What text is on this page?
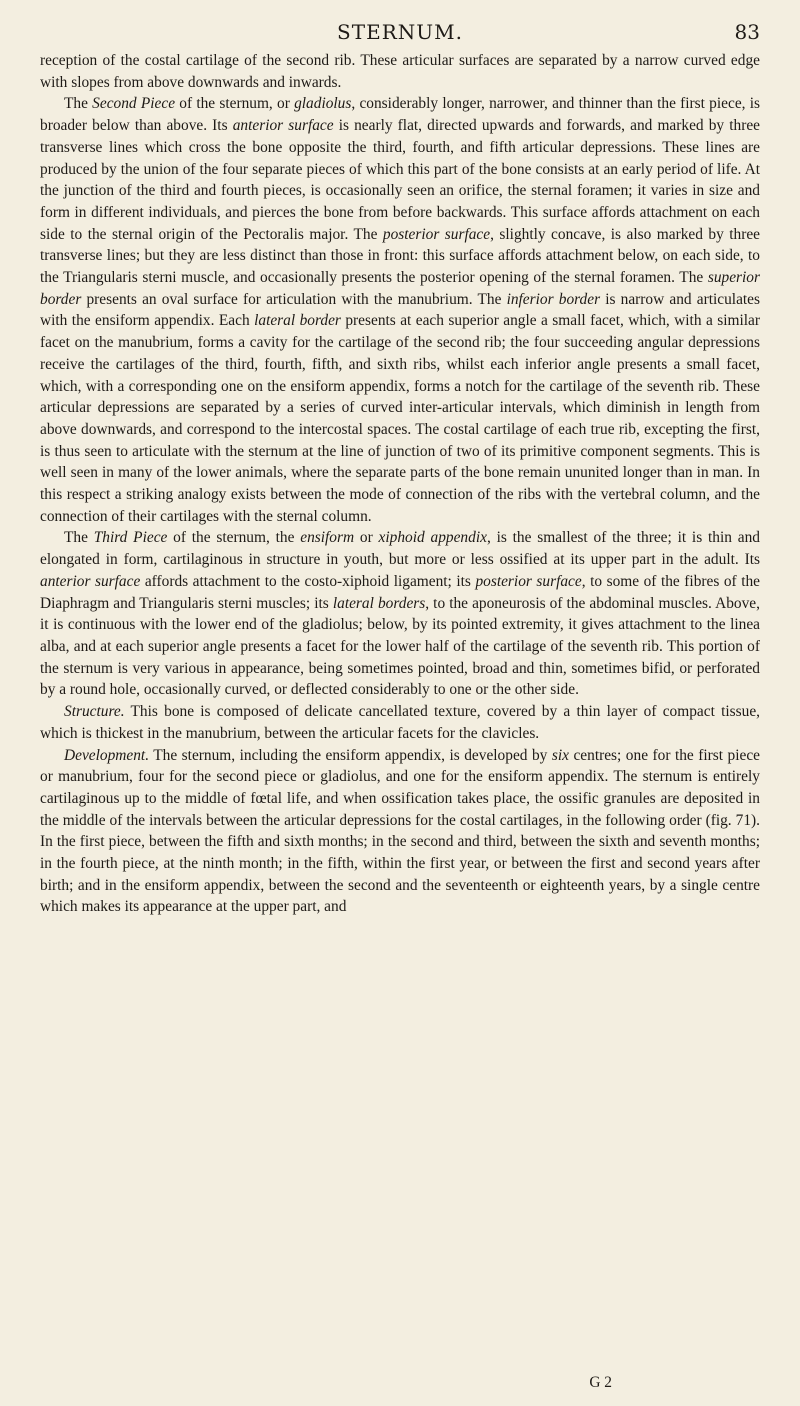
STERNUM.	83

reception of the costal cartilage of the second rib. These articular surfaces are separated by a narrow curved edge with slopes from above downwards and inwards.

The Second Piece of the sternum, or gladiolus, considerably longer, narrower, and thinner than the first piece, is broader below than above. Its anterior surface is nearly flat, directed upwards and forwards, and marked by three transverse lines which cross the bone opposite the third, fourth, and fifth articular depressions. These lines are produced by the union of the four separate pieces of which this part of the bone consists at an early period of life. At the junction of the third and fourth pieces, is occasionally seen an orifice, the sternal foramen; it varies in size and form in different individuals, and pierces the bone from before backwards. This surface affords attachment on each side to the sternal origin of the Pectoralis major. The posterior surface, slightly concave, is also marked by three transverse lines; but they are less distinct than those in front: this surface affords attachment below, on each side, to the Triangularis sterni muscle, and occasionally presents the posterior opening of the sternal foramen. The superior border presents an oval surface for articulation with the manubrium. The inferior border is narrow and articulates with the ensiform appendix. Each lateral border presents at each superior angle a small facet, which, with a similar facet on the manubrium, forms a cavity for the cartilage of the second rib; the four succeeding angular depressions receive the cartilages of the third, fourth, fifth, and sixth ribs, whilst each inferior angle presents a small facet, which, with a corresponding one on the ensiform appendix, forms a notch for the cartilage of the seventh rib. These articular depressions are separated by a series of curved inter-articular intervals, which diminish in length from above downwards, and correspond to the intercostal spaces. The costal cartilage of each true rib, excepting the first, is thus seen to articulate with the sternum at the line of junction of two of its primitive component segments. This is well seen in many of the lower animals, where the separate parts of the bone remain ununited longer than in man. In this respect a striking analogy exists between the mode of connection of the ribs with the vertebral column, and the connection of their cartilages with the sternal column.

The Third Piece of the sternum, the ensiform or xiphoid appendix, is the smallest of the three; it is thin and elongated in form, cartilaginous in structure in youth, but more or less ossified at its upper part in the adult. Its anterior surface affords attachment to the costo-xiphoid ligament; its posterior surface, to some of the fibres of the Diaphragm and Triangularis sterni muscles; its lateral borders, to the aponeurosis of the abdominal muscles. Above, it is continuous with the lower end of the gladiolus; below, by its pointed extremity, it gives attachment to the linea alba, and at each superior angle presents a facet for the lower half of the cartilage of the seventh rib. This portion of the sternum is very various in appearance, being sometimes pointed, broad and thin, sometimes bifid, or perforated by a round hole, occasionally curved, or deflected considerably to one or the other side.

Structure. This bone is composed of delicate cancellated texture, covered by a thin layer of compact tissue, which is thickest in the manubrium, between the articular facets for the clavicles.

Development. The sternum, including the ensiform appendix, is developed by six centres; one for the first piece or manubrium, four for the second piece or gladiolus, and one for the ensiform appendix. The sternum is entirely cartilaginous up to the middle of fœtal life, and when ossification takes place, the ossific granules are deposited in the middle of the intervals between the articular depressions for the costal cartilages, in the following order (fig. 71). In the first piece, between the fifth and sixth months; in the second and third, between the sixth and seventh months; in the fourth piece, at the ninth month; in the fifth, within the first year, or between the first and second years after birth; and in the ensiform appendix, between the second and the seventeenth or eighteenth years, by a single centre which makes its appearance at the upper part, and

G 2
